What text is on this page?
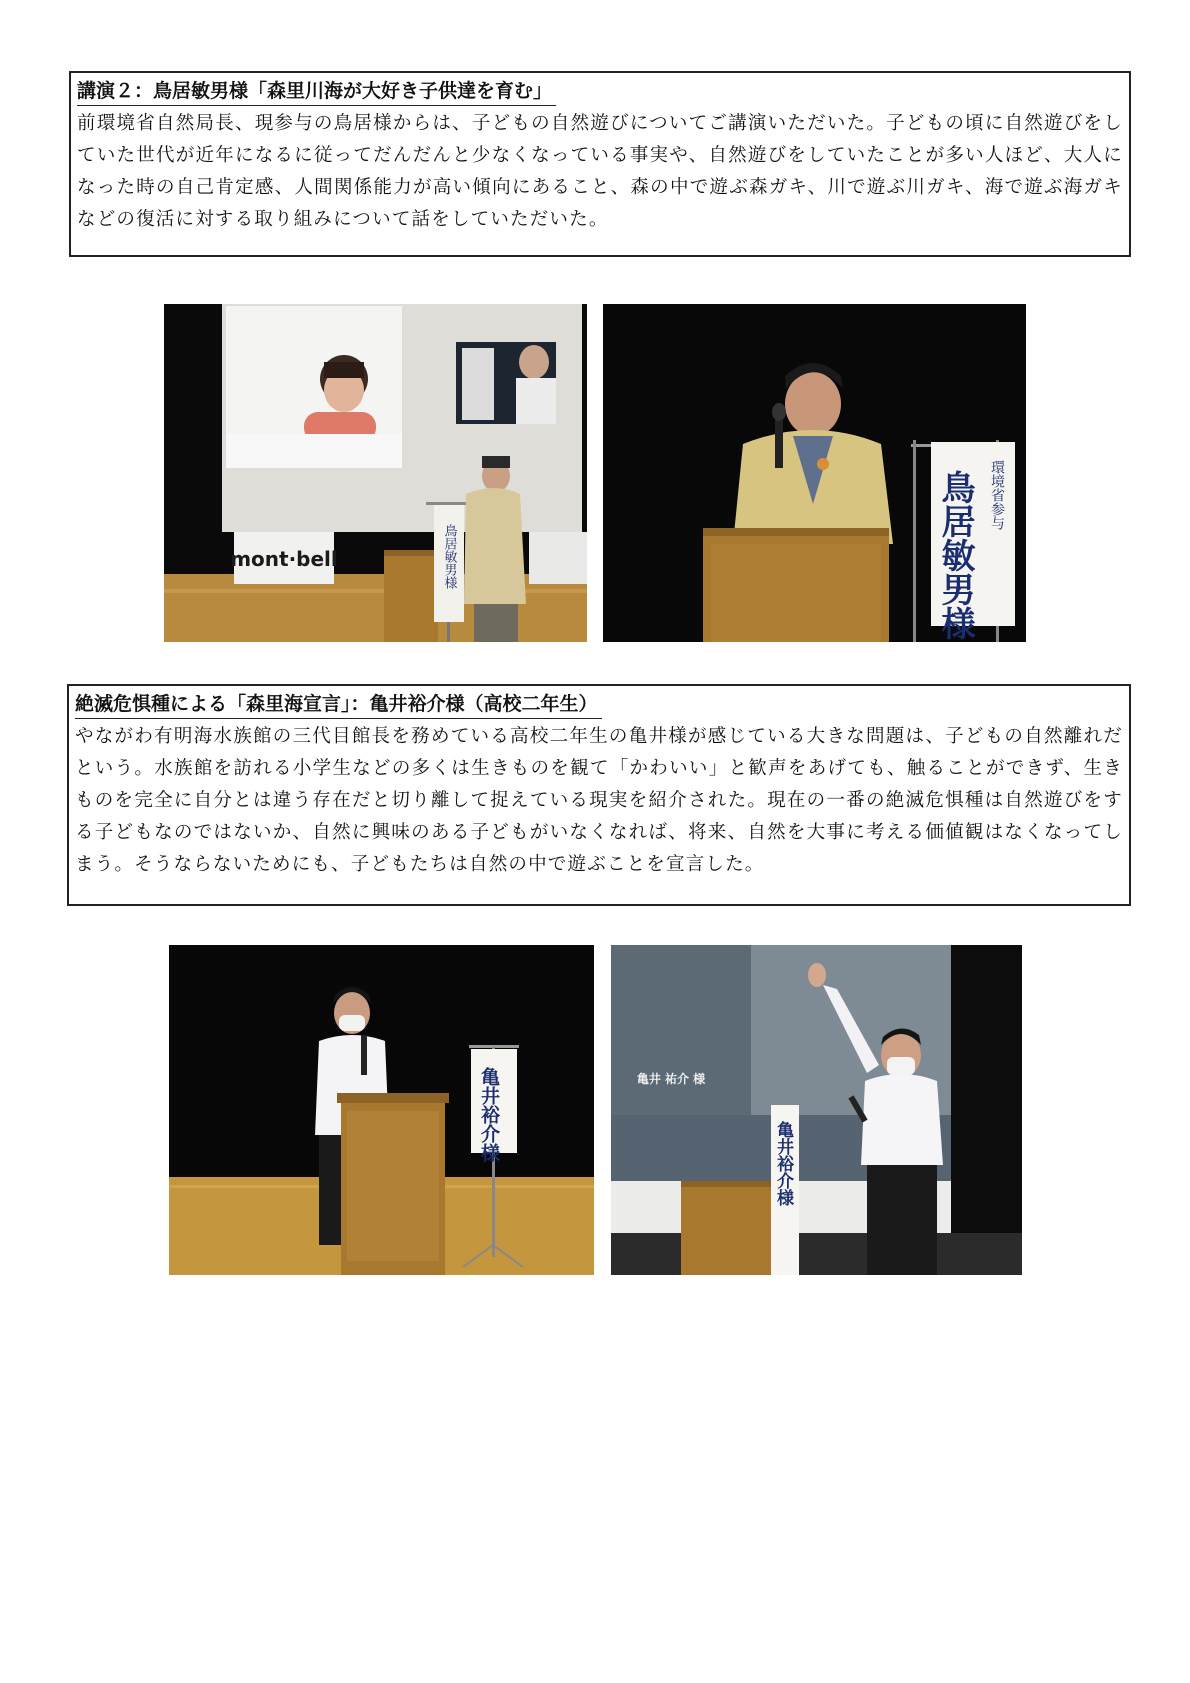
講演２：鳥居敏男様「森里川海が大好き子供達を育む」

前環境省自然局長、現参与の鳥居様からは、子どもの自然遊びについてご講演いただいた。子どもの頃に自然遊びをしていた世代が近年になるに従ってだんだんと少なくなっている事実や、自然遊びをしていたことが多い人ほど、大人になった時の自己肯定感、人間関係能力が高い傾向にあること、森の中で遊ぶ森ガキ、川で遊ぶ川ガキ、海で遊ぶ海ガキなどの復活に対する取り組みについて話をしていただいた。

mont·bell	鳥居敏男様	鳥居敏男様 環境省参与
絶滅危惧種による「森里海宣言」：亀井裕介様（高校二年生）

やながわ有明海水族館の三代目館長を務めている高校二年生の亀井様が感じている大きな問題は、子どもの自然離れだという。水族館を訪れる小学生などの多くは生きものを観て「かわいい」と歓声をあげても、触ることができず、生きものを完全に自分とは違う存在だと切り離して捉えている現実を紹介された。現在の一番の絶滅危惧種は自然遊びをする子どもなのではないか、自然に興味のある子どもがいなくなれば、将来、自然を大事に考える価値観はなくなってしまう。そうならないためにも、子どもたちは自然の中で遊ぶことを宣言した。

亀井裕介様	亀井 祐介 様
亀井裕介様
